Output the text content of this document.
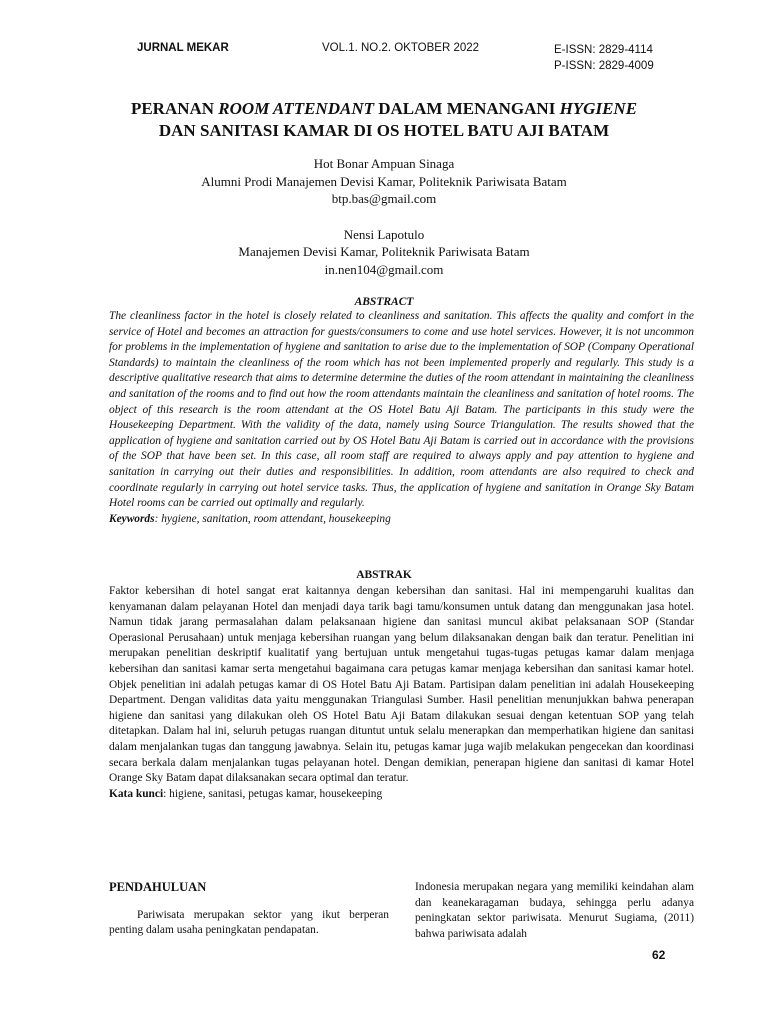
JURNAL MEKAR	VOL.1. NO.2. OKTOBER 2022	E-ISSN: 2829-4114
P-ISSN: 2829-4009
PERANAN ROOM ATTENDANT DALAM MENANGANI HYGIENE
DAN SANITASI KAMAR DI OS HOTEL BATU AJI BATAM
Hot Bonar Ampuan Sinaga
Alumni Prodi Manajemen Devisi Kamar, Politeknik Pariwisata Batam
btp.bas@gmail.com
Nensi Lapotulo
Manajemen Devisi Kamar, Politeknik Pariwisata Batam
in.nen104@gmail.com
ABSTRACT
The cleanliness factor in the hotel is closely related to cleanliness and sanitation. This affects the quality and comfort in the service of Hotel and becomes an attraction for guests/consumers to come and use hotel services. However, it is not uncommon for problems in the implementation of hygiene and sanitation to arise due to the implementation of SOP (Company Operational Standards) to maintain the cleanliness of the room which has not been implemented properly and regularly. This study is a descriptive qualitative research that aims to determine determine the duties of the room attendant in maintaining the cleanliness and sanitation of the rooms and to find out how the room attendants maintain the cleanliness and sanitation of hotel rooms. The object of this research is the room attendant at the OS Hotel Batu Aji Batam. The participants in this study were the Housekeeping Department. With the validity of the data, namely using Source Triangulation. The results showed that the application of hygiene and sanitation carried out by OS Hotel Batu Aji Batam is carried out in accordance with the provisions of the SOP that have been set. In this case, all room staff are required to always apply and pay attention to hygiene and sanitation in carrying out their duties and responsibilities. In addition, room attendants are also required to check and coordinate regularly in carrying out hotel service tasks. Thus, the application of hygiene and sanitation in Orange Sky Batam Hotel rooms can be carried out optimally and regularly.
Keywords: hygiene, sanitation, room attendant, housekeeping
ABSTRAK
Faktor kebersihan di hotel sangat erat kaitannya dengan kebersihan dan sanitasi. Hal ini mempengaruhi kualitas dan kenyamanan dalam pelayanan Hotel dan menjadi daya tarik bagi tamu/konsumen untuk datang dan menggunakan jasa hotel. Namun tidak jarang permasalahan dalam pelaksanaan higiene dan sanitasi muncul akibat pelaksanaan SOP (Standar Operasional Perusahaan) untuk menjaga kebersihan ruangan yang belum dilaksanakan dengan baik dan teratur. Penelitian ini merupakan penelitian deskriptif kualitatif yang bertujuan untuk mengetahui tugas-tugas petugas kamar dalam menjaga kebersihan dan sanitasi kamar serta mengetahui bagaimana cara petugas kamar menjaga kebersihan dan sanitasi kamar hotel. Objek penelitian ini adalah petugas kamar di OS Hotel Batu Aji Batam. Partisipan dalam penelitian ini adalah Housekeeping Department. Dengan validitas data yaitu menggunakan Triangulasi Sumber. Hasil penelitian menunjukkan bahwa penerapan higiene dan sanitasi yang dilakukan oleh OS Hotel Batu Aji Batam dilakukan sesuai dengan ketentuan SOP yang telah ditetapkan. Dalam hal ini, seluruh petugas ruangan dituntut untuk selalu menerapkan dan memperhatikan higiene dan sanitasi dalam menjalankan tugas dan tanggung jawabnya. Selain itu, petugas kamar juga wajib melakukan pengecekan dan koordinasi secara berkala dalam menjalankan tugas pelayanan hotel. Dengan demikian, penerapan higiene dan sanitasi di kamar Hotel Orange Sky Batam dapat dilaksanakan secara optimal dan teratur.
Kata kunci: higiene, sanitasi, petugas kamar, housekeeping
PENDAHULUAN

Pariwisata merupakan sektor yang ikut berperan penting dalam usaha peningkatan pendapatan.

Indonesia merupakan negara yang memiliki keindahan alam dan keanekaragaman budaya, sehingga perlu adanya peningkatan sektor pariwisata. Menurut Sugiama, (2011) bahwa pariwisata adalah

62
